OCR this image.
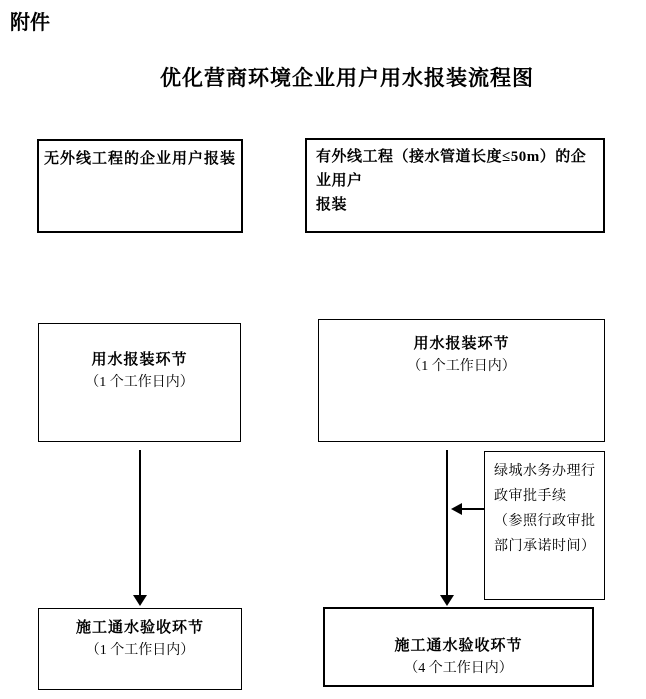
附件
优化营商环境企业用户用水报装流程图
无外线工程的企业用户报装	有外线工程（接水管道长度≤50m）的企业用户
报装
用水报装环节
（1 个工作日内）
用水报装环节
（1 个工作日内）
绿城水务办理行
政审批手续
（参照行政审批
部门承诺时间）
施工通水验收环节
（1 个工作日内）	施工通水验收环节
（4 个工作日内）
